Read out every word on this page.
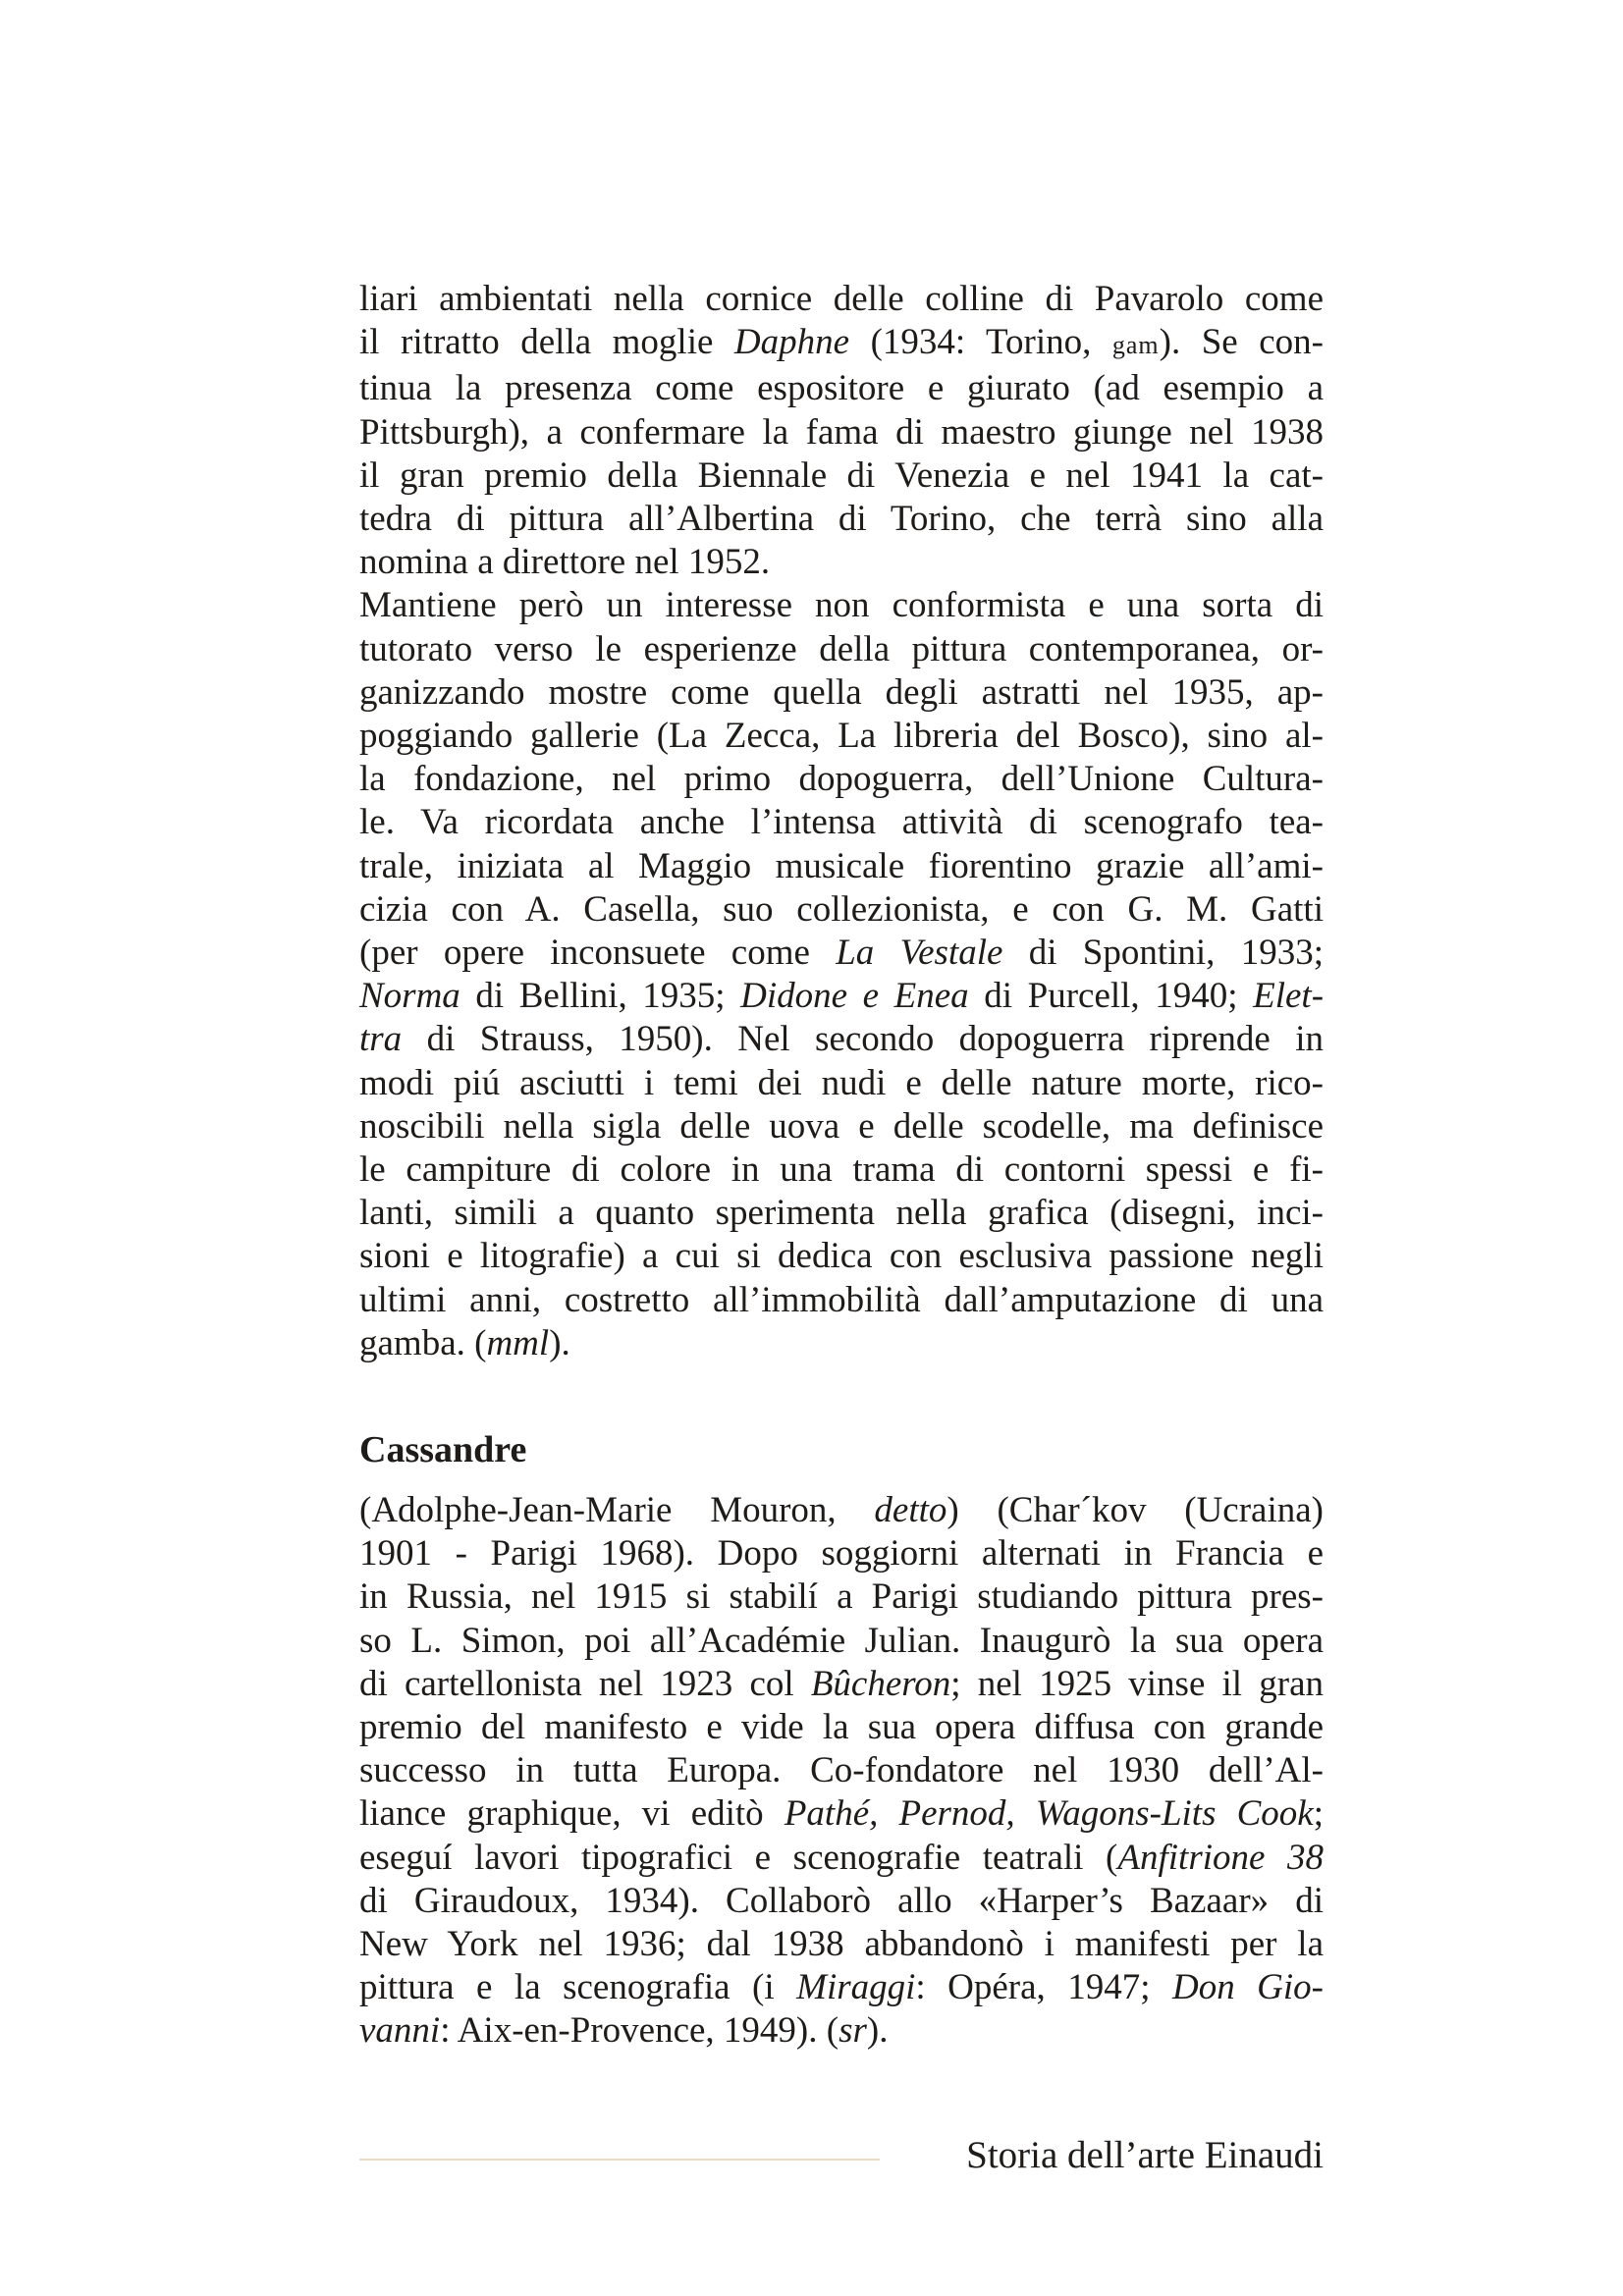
liari ambientati nella cornice delle colline di Pavarolo come
il ritratto della moglie Daphne (1934: Torino, gam). Se con-
tinua la presenza come espositore e giurato (ad esempio a
Pittsburgh), a confermare la fama di maestro giunge nel 1938
il gran premio della Biennale di Venezia e nel 1941 la cat-
tedra di pittura all’Albertina di Torino, che terrà sino alla
nomina a direttore nel 1952.
Mantiene però un interesse non conformista e una sorta di
tutorato verso le esperienze della pittura contemporanea, or-
ganizzando mostre come quella degli astratti nel 1935, ap-
poggiando gallerie (La Zecca, La libreria del Bosco), sino al-
la fondazione, nel primo dopoguerra, dell’Unione Cultura-
le. Va ricordata anche l’intensa attività di scenografo tea-
trale, iniziata al Maggio musicale fiorentino grazie all’ami-
cizia con A. Casella, suo collezionista, e con G. M. Gatti
(per opere inconsuete come La Vestale di Spontini, 1933;
Norma di Bellini, 1935; Didone e Enea di Purcell, 1940; Elet-
tra di Strauss, 1950). Nel secondo dopoguerra riprende in
modi piú asciutti i temi dei nudi e delle nature morte, rico-
noscibili nella sigla delle uova e delle scodelle, ma definisce
le campiture di colore in una trama di contorni spessi e fi-
lanti, simili a quanto sperimenta nella grafica (disegni, inci-
sioni e litografie) a cui si dedica con esclusiva passione negli
ultimi anni, costretto all’immobilità dall’amputazione di una
gamba. (mml).
Cassandre
(Adolphe-Jean-Marie Mouron, detto) (Char´kov (Ucraina)
1901 - Parigi 1968). Dopo soggiorni alternati in Francia e
in Russia, nel 1915 si stabilí a Parigi studiando pittura pres-
so L. Simon, poi all’Académie Julian. Inaugurò la sua opera
di cartellonista nel 1923 col Bûcheron; nel 1925 vinse il gran
premio del manifesto e vide la sua opera diffusa con grande
successo in tutta Europa. Co-fondatore nel 1930 dell’Al-
liance graphique, vi editò Pathé, Pernod, Wagons-Lits Cook;
eseguí lavori tipografici e scenografie teatrali (Anfitrione 38
di Giraudoux, 1934). Collaborò allo «Harper’s Bazaar» di
New York nel 1936; dal 1938 abbandonò i manifesti per la
pittura e la scenografia (i Miraggi: Opéra, 1947; Don Gio-
vanni: Aix-en-Provence, 1949). (sr).
Storia dell’arte Einaudi
